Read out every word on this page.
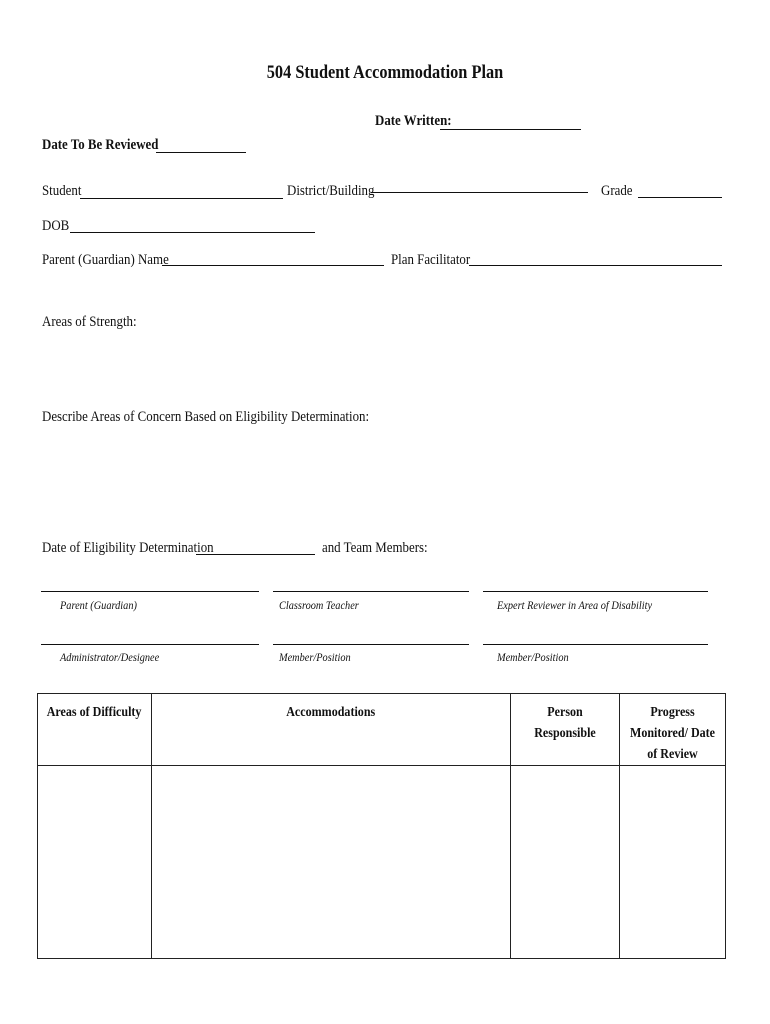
504 Student Accommodation Plan
Date Written:
Date To Be Reviewed
Student	District/Building	Grade
DOB
Parent (Guardian) Name	Plan Facilitator
Areas of Strength:
Describe Areas of Concern Based on Eligibility Determination:
Date of Eligibility Determination	and Team Members:
Parent (Guardian)	Classroom Teacher	Expert Reviewer in Area of Disability
Administrator/Designee	Member/Position	Member/Position
Areas of Difficulty	Accommodations	Person Responsible	Progress Monitored/ Date of Review
